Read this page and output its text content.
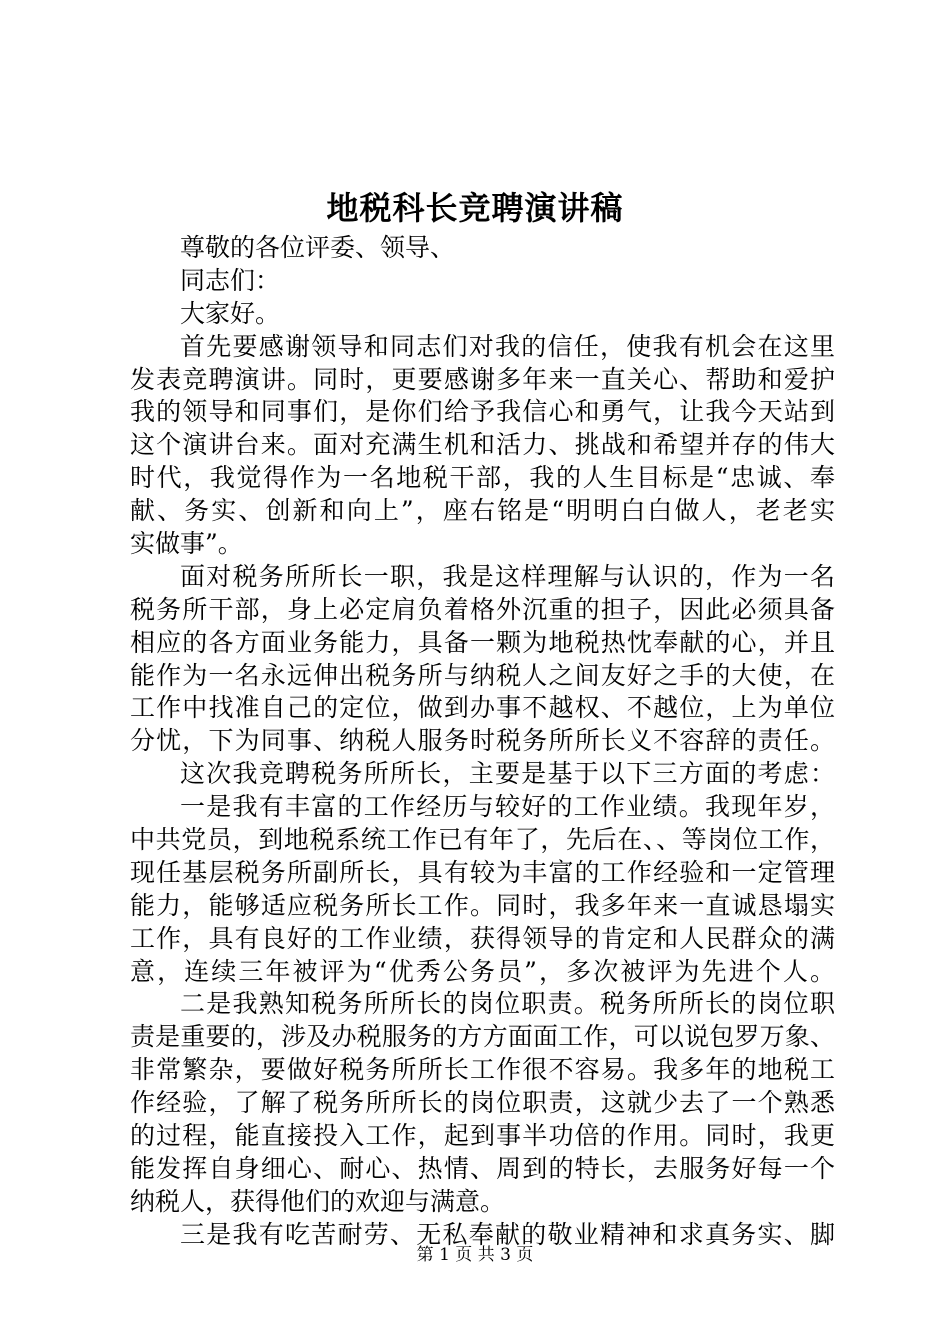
地税科长竞聘演讲稿
尊敬的各位评委、领导、
同志们：
大家好。
首先要感谢领导和同志们对我的信任，使我有机会在这里
发表竞聘演讲。同时，更要感谢多年来一直关心、帮助和爱护
我的领导和同事们，是你们给予我信心和勇气，让我今天站到
这个演讲台来。面对充满生机和活力、挑战和希望并存的伟大
时代，我觉得作为一名地税干部，我的人生目标是“忠诚、奉
献、务实、创新和向上”，座右铭是“明明白白做人，老老实
实做事”。
面对税务所所长一职，我是这样理解与认识的，作为一名
税务所干部，身上必定肩负着格外沉重的担子，因此必须具备
相应的各方面业务能力，具备一颗为地税热忱奉献的心，并且
能作为一名永远伸出税务所与纳税人之间友好之手的大使，在
工作中找准自己的定位，做到办事不越权、不越位，上为单位
分忧，下为同事、纳税人服务时税务所所长义不容辞的责任。
这次我竞聘税务所所长，主要是基于以下三方面的考虑：
一是我有丰富的工作经历与较好的工作业绩。我现年岁，
中共党员，到地税系统工作已有年了，先后在、、等岗位工作，
现任基层税务所副所长，具有较为丰富的工作经验和一定管理
能力，能够适应税务所长工作。同时，我多年来一直诚恳塌实
工作，具有良好的工作业绩，获得领导的肯定和人民群众的满
意，连续三年被评为“优秀公务员”，多次被评为先进个人。
二是我熟知税务所所长的岗位职责。税务所所长的岗位职
责是重要的，涉及办税服务的方方面面工作，可以说包罗万象、
非常繁杂，要做好税务所所长工作很不容易。我多年的地税工
作经验，了解了税务所所长的岗位职责，这就少去了一个熟悉
的过程，能直接投入工作，起到事半功倍的作用。同时，我更
能发挥自身细心、耐心、热情、周到的特长，去服务好每一个
纳税人，获得他们的欢迎与满意。
三是我有吃苦耐劳、无私奉献的敬业精神和求真务实、脚
第 1 页 共 3 页
